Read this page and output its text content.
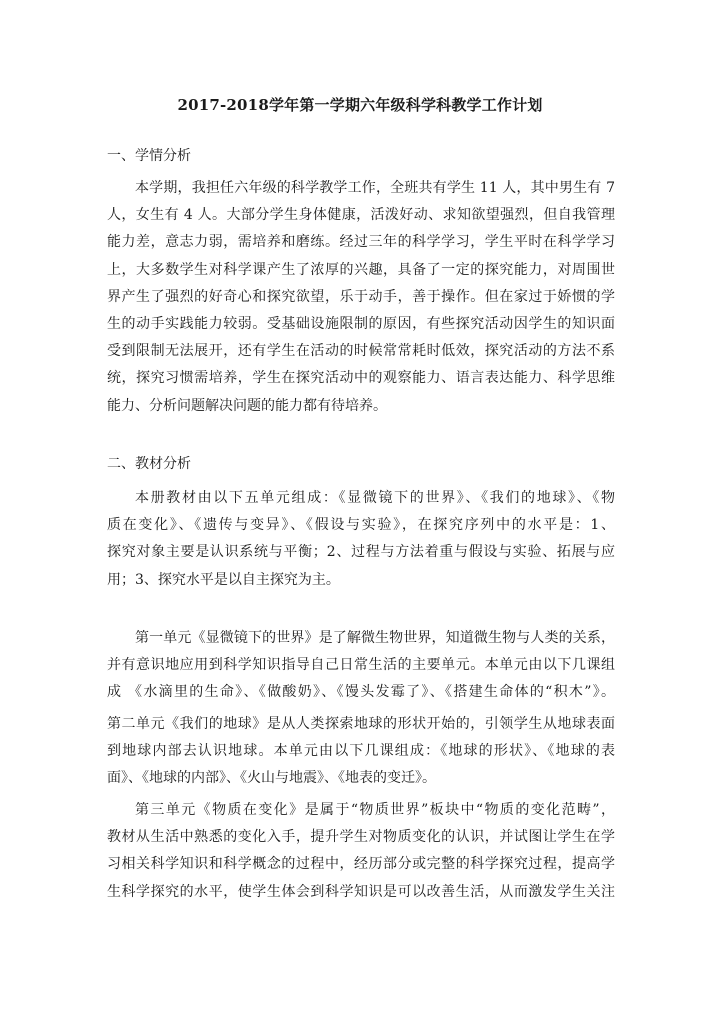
2017-2018学年第一学期六年级科学科教学工作计划
一、学情分析
本学期，我担任六年级的科学教学工作，全班共有学生 11 人，其中男生有 7
人，女生有 4 人。大部分学生身体健康，活泼好动、求知欲望强烈，但自我管理
能力差，意志力弱，需培养和磨练。经过三年的科学学习，学生平时在科学学习
上，大多数学生对科学课产生了浓厚的兴趣，具备了一定的探究能力，对周围世
界产生了强烈的好奇心和探究欲望，乐于动手，善于操作。但在家过于娇惯的学
生的动手实践能力较弱。受基础设施限制的原因，有些探究活动因学生的知识面
受到限制无法展开，还有学生在活动的时候常常耗时低效，探究活动的方法不系
统，探究习惯需培养，学生在探究活动中的观察能力、语言表达能力、科学思维
能力、分析问题解决问题的能力都有待培养。
二、教材分析
本册教材由以下五单元组成：《显微镜下的世界》、《我们的地球》、《物
质在变化》、《遗传与变异》、《假设与实验》，在探究序列中的水平是：1、
探究对象主要是认识系统与平衡；2、过程与方法着重与假设与实验、拓展与应
用；3、探究水平是以自主探究为主。
第一单元《显微镜下的世界》是了解微生物世界，知道微生物与人类的关系，
并有意识地应用到科学知识指导自己日常生活的主要单元。本单元由以下几课组
成 《水滴里的生命》、《做酸奶》、《馒头发霉了》、《搭建生命体的“积木”》。
第二单元《我们的地球》是从人类探索地球的形状开始的，引领学生从地球表面
到地球内部去认识地球。本单元由以下几课组成：《地球的形状》、《地球的表
面》、《地球的内部》、《火山与地震》、《地表的变迁》。
第三单元《物质在变化》是属于“物质世界”板块中“物质的变化范畴”，
教材从生活中熟悉的变化入手，提升学生对物质变化的认识，并试图让学生在学
习相关科学知识和科学概念的过程中，经历部分或完整的科学探究过程，提高学
生科学探究的水平，使学生体会到科学知识是可以改善生活，从而激发学生关注
